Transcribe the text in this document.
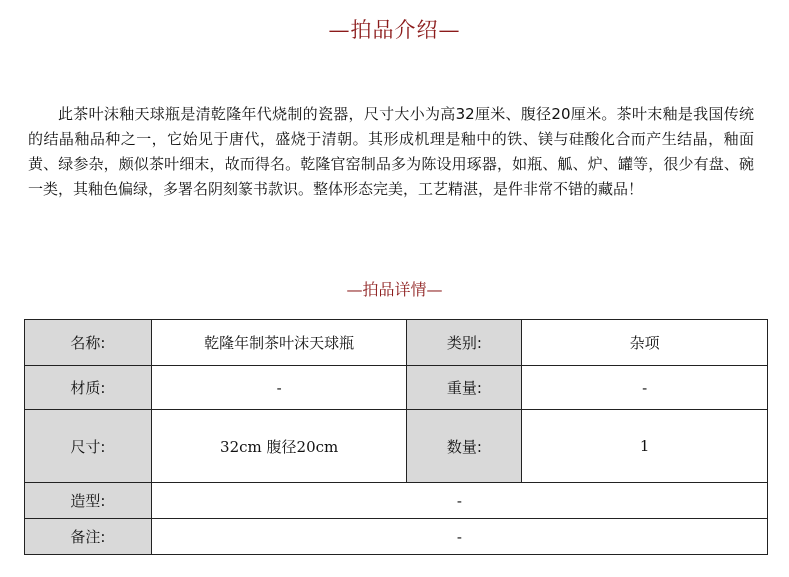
—拍品介绍—
此茶叶沫釉天球瓶是清乾隆年代烧制的瓷器，尺寸大小为高32厘米、腹径20厘米。茶叶末釉是我国传统的结晶釉品种之一，它始见于唐代，盛烧于清朝。其形成机理是釉中的铁、镁与硅酸化合而产生结晶，釉面黄、绿参杂，颇似茶叶细末，故而得名。乾隆官窑制品多为陈设用琢器，如瓶、觚、炉、罐等，很少有盘、碗一类，其釉色偏绿，多署名阴刻篆书款识。整体形态完美，工艺精湛，是件非常不错的藏品！
—拍品详情—
名称:	乾隆年制茶叶沫天球瓶	类别:	杂项
材质:	-	重量:	-
尺寸:	32cm 腹径20cm	数量:	1
造型:	-		
备注:	-		
